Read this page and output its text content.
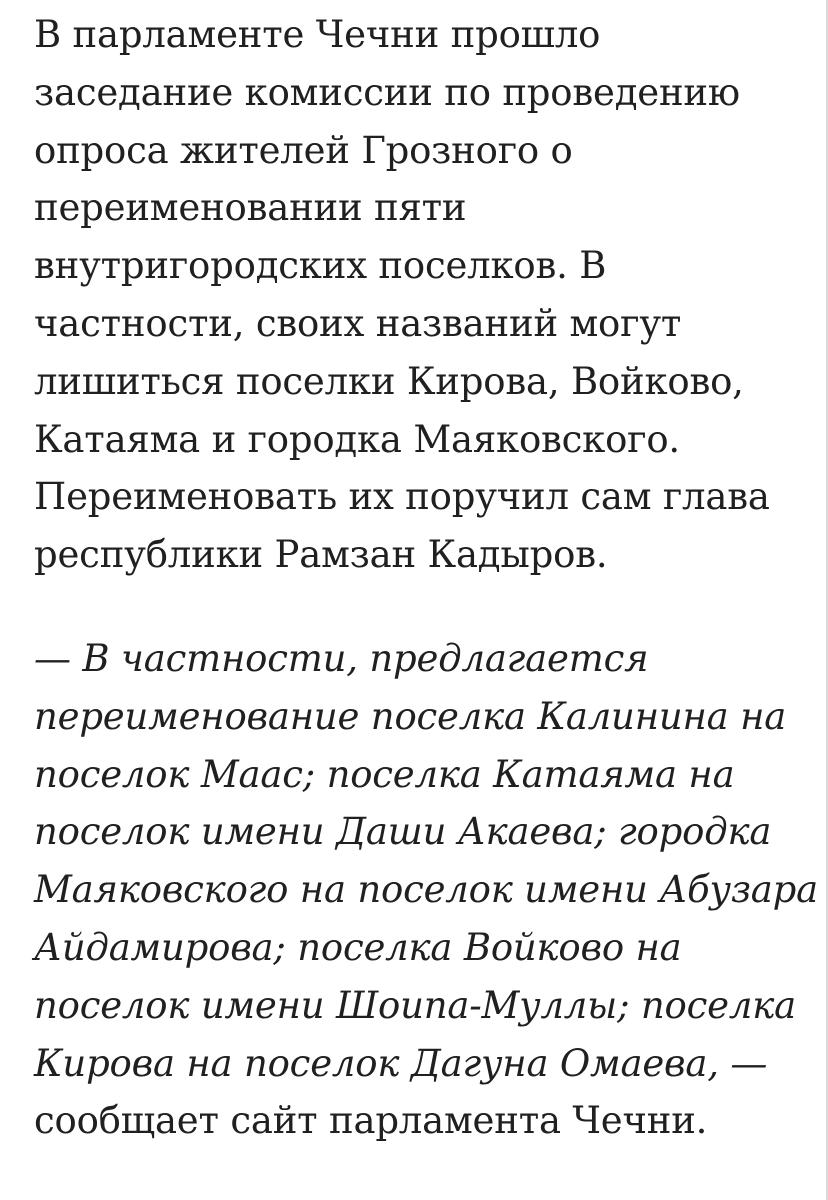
В парламенте Чечни прошло
заседание комиссии по проведению
опроса жителей Грозного о
переименовании пяти
внутригородских поселков. В
частности, своих названий могут
лишиться поселки Кирова, Войково,
Катаяма и городка Маяковского.
Переименовать их поручил сам глава
республики Рамзан Кадыров.

— В частности, предлагается
переименование поселка Калинина на
поселок Маас; поселка Катаяма на
поселок имени Даши Акаева; городка
Маяковского на поселок имени Абузара
Айдамирова; поселка Войково на
поселок имени Шоипа-Муллы; поселка
Кирова на поселок Дагуна Омаева, —
сообщает сайт парламента Чечни.
